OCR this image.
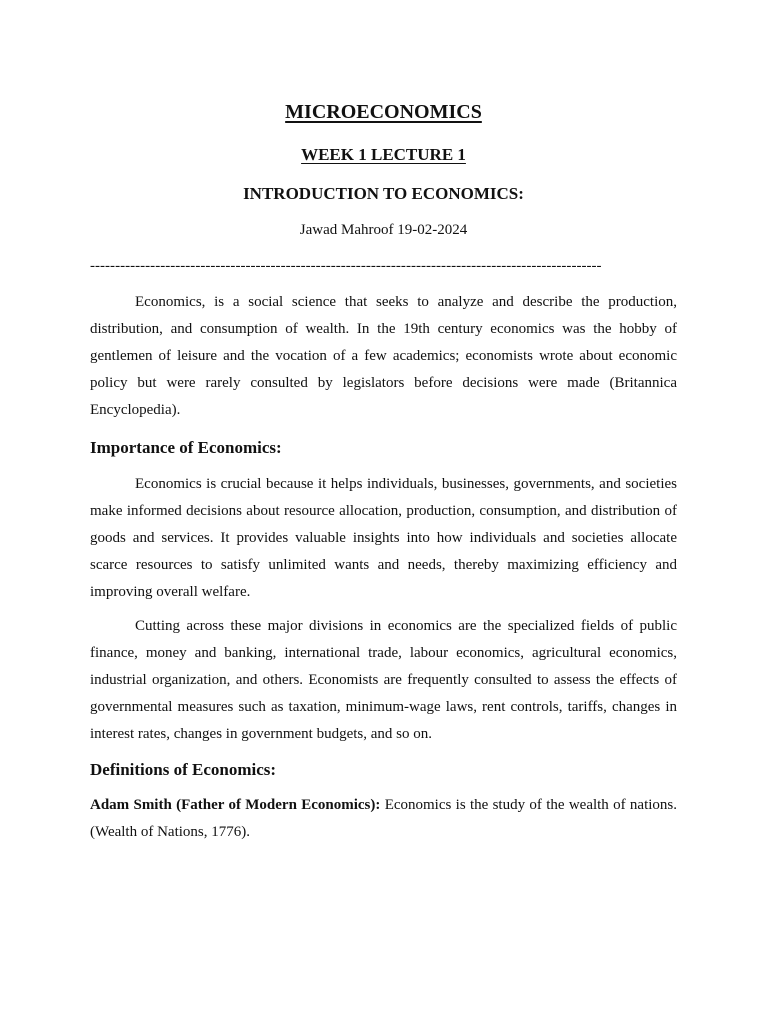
MICROECONOMICS
WEEK 1 LECTURE 1
INTRODUCTION TO ECONOMICS:

Jawad Mahroof 19-02-2024

------------------------------------------------------------------------------------------------------

Economics, is a social science that seeks to analyze and describe the production, distribution, and consumption of wealth. In the 19th century economics was the hobby of gentlemen of leisure and the vocation of a few academics; economists wrote about economic policy but were rarely consulted by legislators before decisions were made (Britannica Encyclopedia).

Importance of Economics:

Economics is crucial because it helps individuals, businesses, governments, and societies make informed decisions about resource allocation, production, consumption, and distribution of goods and services. It provides valuable insights into how individuals and societies allocate scarce resources to satisfy unlimited wants and needs, thereby maximizing efficiency and improving overall welfare.

Cutting across these major divisions in economics are the specialized fields of public finance, money and banking, international trade, labour economics, agricultural economics, industrial organization, and others. Economists are frequently consulted to assess the effects of governmental measures such as taxation, minimum-wage laws, rent controls, tariffs, changes in interest rates, changes in government budgets, and so on.

Definitions of Economics:

Adam Smith (Father of Modern Economics): Economics is the study of the wealth of nations. (Wealth of Nations, 1776).
